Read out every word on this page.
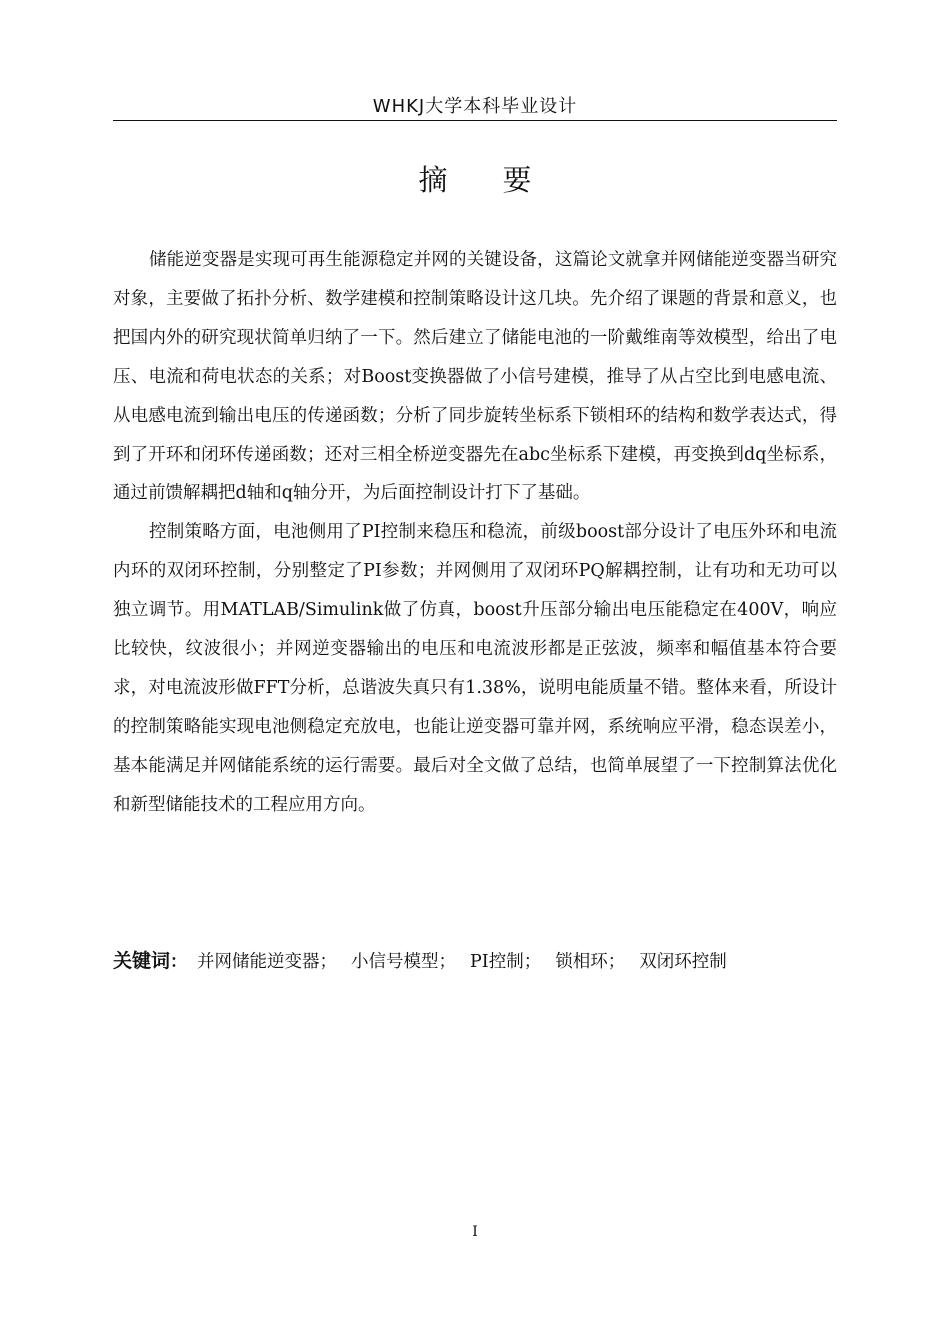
WHKJ大学本科毕业设计
摘要

储能逆变器是实现可再生能源稳定并网的关键设备，这篇论文就拿并网储能逆变器当研究对象，主要做了拓扑分析、数学建模和控制策略设计这几块。先介绍了课题的背景和意义，也把国内外的研究现状简单归纳了一下。然后建立了储能电池的一阶戴维南等效模型，给出了电压、电流和荷电状态的关系；对Boost变换器做了小信号建模，推导了从占空比到电感电流、从电感电流到输出电压的传递函数；分析了同步旋转坐标系下锁相环的结构和数学表达式，得到了开环和闭环传递函数；还对三相全桥逆变器先在abc坐标系下建模，再变换到dq坐标系，通过前馈解耦把d轴和q轴分开，为后面控制设计打下了基础。

控制策略方面，电池侧用了PI控制来稳压和稳流，前级boost部分设计了电压外环和电流内环的双闭环控制，分别整定了PI参数；并网侧用了双闭环PQ解耦控制，让有功和无功可以独立调节。用MATLAB/Simulink做了仿真，boost升压部分输出电压能稳定在400V，响应比较快，纹波很小；并网逆变器输出的电压和电流波形都是正弦波，频率和幅值基本符合要求，对电流波形做FFT分析，总谐波失真只有1.38%，说明电能质量不错。整体来看，所设计的控制策略能实现电池侧稳定充放电，也能让逆变器可靠并网，系统响应平滑，稳态误差小，基本能满足并网储能系统的运行需要。最后对全文做了总结，也简单展望了一下控制算法优化和新型储能技术的工程应用方向。

关键词： 并网储能逆变器； 小信号模型； PI控制； 锁相环； 双闭环控制
I
